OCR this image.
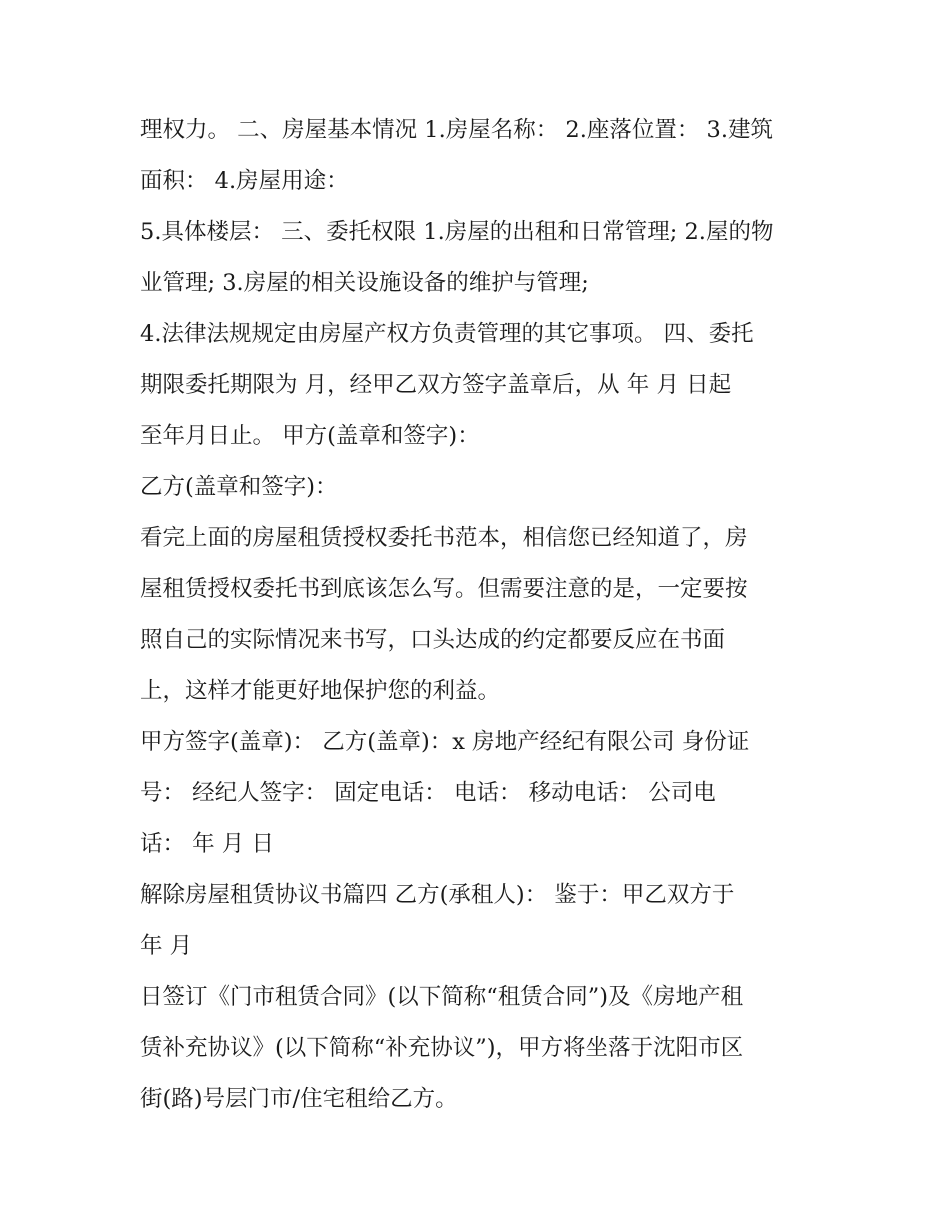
理权力。 二、房屋基本情况 1.房屋名称： 2.座落位置： 3.建筑
面积： 4.房屋用途：
5.具体楼层： 三、委托权限 1.房屋的出租和日常管理; 2.屋的物
业管理; 3.房屋的相关设施设备的维护与管理;
4.法律法规规定由房屋产权方负责管理的其它事项。 四、委托
期限委托期限为 月，经甲乙双方签字盖章后，从 年 月 日起
至年月日止。 甲方(盖章和签字)：
乙方(盖章和签字)：
看完上面的房屋租赁授权委托书范本，相信您已经知道了，房
屋租赁授权委托书到底该怎么写。但需要注意的是，一定要按
照自己的实际情况来书写，口头达成的约定都要反应在书面
上，这样才能更好地保护您的利益。
甲方签字(盖章)： 乙方(盖章)：x 房地产经纪有限公司 身份证
号： 经纪人签字： 固定电话： 电话： 移动电话： 公司电
话： 年 月 日
解除房屋租赁协议书篇四 乙方(承租人)： 鉴于：甲乙双方于
年 月
日签订《门市租赁合同》(以下简称“租赁合同”)及《房地产租
赁补充协议》(以下简称“补充协议”)，甲方将坐落于沈阳市区
街(路)号层门市/住宅租给乙方。
